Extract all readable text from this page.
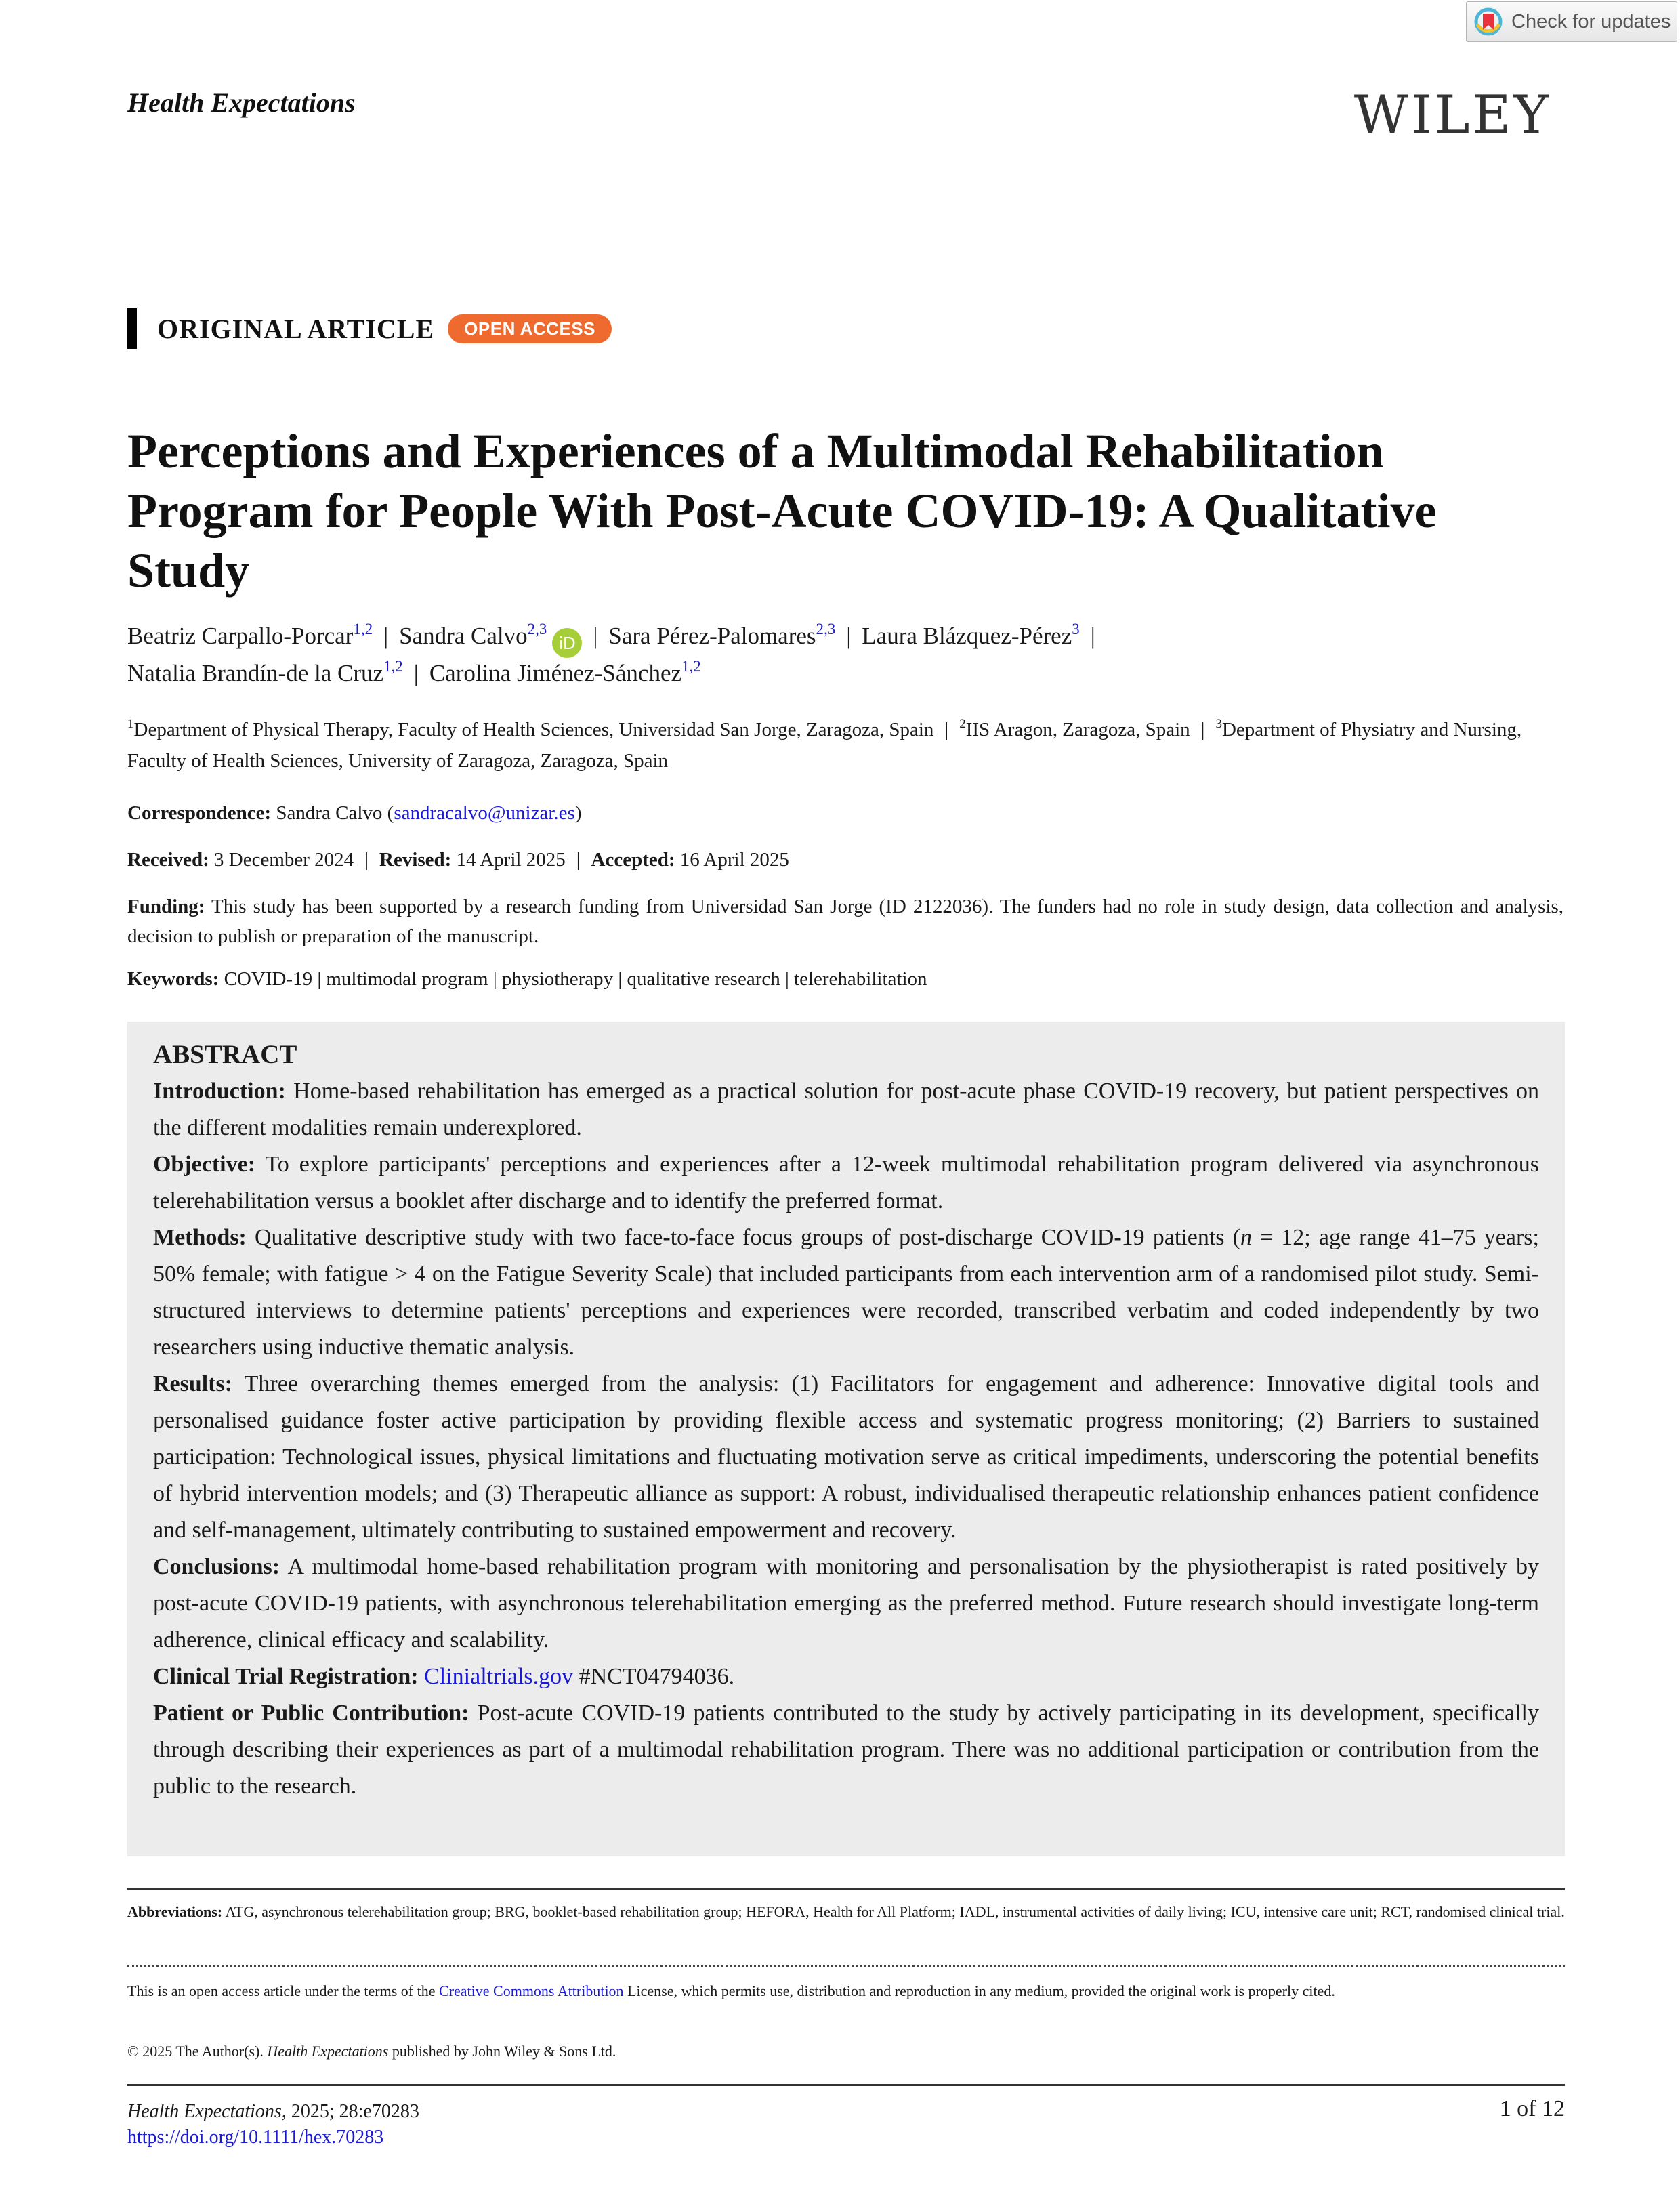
Check for updates
Health Expectations	WILEY
ORIGINAL ARTICLE	OPEN ACCESS
Perceptions and Experiences of a Multimodal Rehabilitation Program for People With Post-Acute COVID-19: A Qualitative Study
Beatriz Carpallo-Porcar$^{1,2}$ | Sandra Calvo$^{2,3}$iD | Sara Pérez-Palomares$^{2,3}$ | Laura Blázquez-Pérez$^3$ |
Natalia Brandín-de la Cruz$^{1,2}$ | Carolina Jiménez-Sánchez$^{1,2}$
$^1$Department of Physical Therapy, Faculty of Health Sciences, Universidad San Jorge, Zaragoza, Spain | $^2$IIS Aragon, Zaragoza, Spain | $^3$Department of Physiatry and Nursing, Faculty of Health Sciences, University of Zaragoza, Zaragoza, Spain
Correspondence: Sandra Calvo (sandracalvo@unizar.es)
Received: 3 December 2024 | Revised: 14 April 2025 | Accepted: 16 April 2025
Funding: This study has been supported by a research funding from Universidad San Jorge (ID 2122036). The funders had no role in study design, data collection and analysis, decision to publish or preparation of the manuscript.
Keywords: COVID-19 | multimodal program | physiotherapy | qualitative research | telerehabilitation
ABSTRACT

Introduction: Home-based rehabilitation has emerged as a practical solution for post-acute phase COVID-19 recovery, but patient perspectives on the different modalities remain underexplored.

Objective: To explore participants' perceptions and experiences after a 12-week multimodal rehabilitation program delivered via asynchronous telerehabilitation versus a booklet after discharge and to identify the preferred format.

Methods: Qualitative descriptive study with two face-to-face focus groups of post-discharge COVID-19 patients (n = 12; age range 41–75 years; 50% female; with fatigue > 4 on the Fatigue Severity Scale) that included participants from each intervention arm of a randomised pilot study. Semi-structured interviews to determine patients' perceptions and experiences were recorded, transcribed verbatim and coded independently by two researchers using inductive thematic analysis.

Results: Three overarching themes emerged from the analysis: (1) Facilitators for engagement and adherence: Innovative digital tools and personalised guidance foster active participation by providing flexible access and systematic progress monitoring; (2) Barriers to sustained participation: Technological issues, physical limitations and fluctuating motivation serve as critical impediments, underscoring the potential benefits of hybrid intervention models; and (3) Therapeutic alliance as support: A robust, individualised therapeutic relationship enhances patient confidence and self-management, ultimately contributing to sustained empowerment and recovery.

Conclusions: A multimodal home-based rehabilitation program with monitoring and personalisation by the physiotherapist is rated positively by post-acute COVID-19 patients, with asynchronous telerehabilitation emerging as the preferred method. Future research should investigate long-term adherence, clinical efficacy and scalability.

Clinical Trial Registration: Clinialtrials.gov #NCT04794036.

Patient or Public Contribution: Post-acute COVID-19 patients contributed to the study by actively participating in its development, specifically through describing their experiences as part of a multimodal rehabilitation program. There was no additional participation or contribution from the public to the research.

Abbreviations: ATG, asynchronous telerehabilitation group; BRG, booklet-based rehabilitation group; HEFORA, Health for All Platform; IADL, instrumental activities of daily living; ICU, intensive care unit; RCT, randomised clinical trial.
This is an open access article under the terms of the Creative Commons Attribution License, which permits use, distribution and reproduction in any medium, provided the original work is properly cited.
© 2025 The Author(s). Health Expectations published by John Wiley & Sons Ltd.
Health Expectations, 2025; 28:e70283
https://doi.org/10.1111/hex.70283
1 of 12
